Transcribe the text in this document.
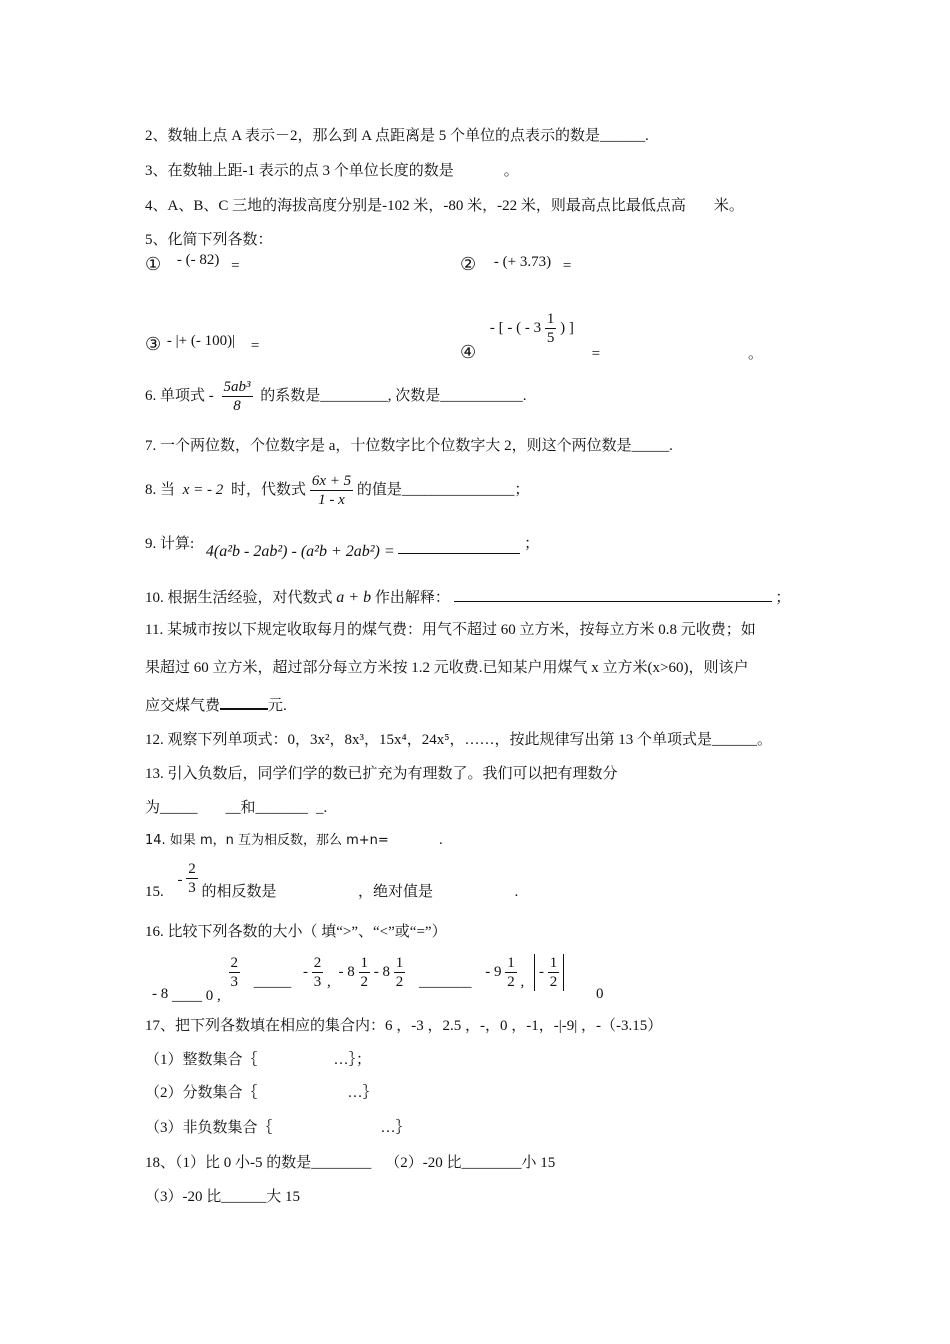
2、数轴上点 A 表示－2，那么到 A 点距离是 5 个单位的点表示的数是______.
3、在数轴上距-1 表示的点 3 个单位长度的数是	。
4、A、B、C 三地的海拔高度分别是-102 米，-80 米，-22 米，则最高点比最低点高 米。
5、化简下列各数：
① - (- 82) =	② - (+ 3.73) =
③ - |+ (- 100)| =	④ - [ - ( - $3 \frac{1}{5}$ ) ] =	。
6. 单项式 - $\frac{\text{5ab³}}{8}$ 的系数是_________, 次数是___________.
7. 一个两位数，个位数字是 a，十位数字比个位数字大 2，则这个两位数是_____.
8. 当 x = - 2 时，代数式 $\frac{6x + 5}{1 - x}$ 的值是_______________；
9. 计算: 4(a²b - 2ab²) - (a²b + 2ab²) =	；
10. 根据生活经验，对代数式 a + b 作出解释：	；
11. 某城市按以下规定收取每月的煤气费：用气不超过 60 立方米，按每立方米 0.8 元收费；如
果超过 60 立方米，超过部分每立方米按 1.2 元收费.已知某户用煤气 x 立方米(x>60)，则该户
应交煤气费	元.
12. 观察下列单项式：0，3x²，8x³，15x⁴，24x⁵，……，按此规律写出第 13 个单项式是______。
13. 引入负数后，同学们学的数已扩充为有理数了。我们可以把有理数分
为_____ __和_______ _.
14. 如果 m，n 互为相反数，那么 m+n=	.
15. - $\frac{2}{3}$ 的相反数是	，绝对值是	.
16. 比较下列各数的大小（ 填“>”、“<”或“=”）
- 8 ____ 0 ,
$\frac{2}{3}$ _____ - $\frac{2}{3}$ , - $8 \frac{1}{2} - 8 \frac{1}{2}$ _______ - $9 \frac{1}{2}$ , - $\frac{1}{2}$
0
17、把下列各数填在相应的集合内：6 ，-3 ，2.5 ，-，0 ，-1，-|-9| ，-（-3.15）
（1）整数集合｛	…｝；
（2）分数集合｛	…｝
（3）非负数集合｛	…｝
18、（1）比 0 小-5 的数是________ （2）-20 比________小 15
（3）-20 比______大 15
